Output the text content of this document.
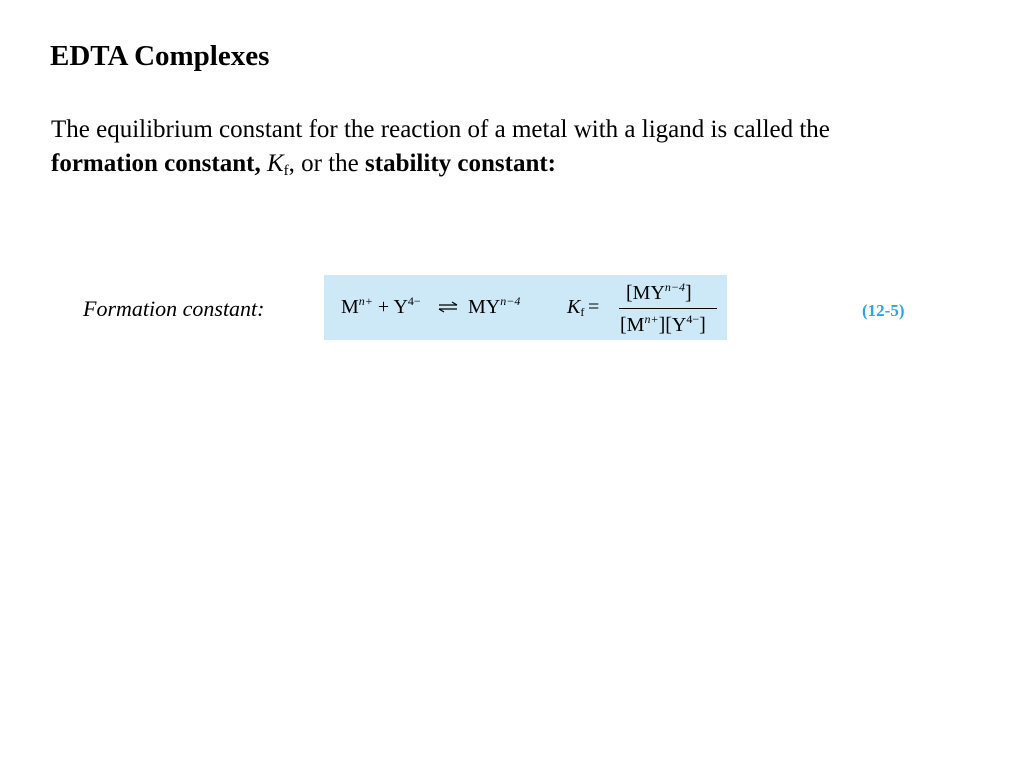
EDTA Complexes
The equilibrium constant for the reaction of a metal with a ligand is called the
formation constant, $K_f$, or the stability constant:
Formation constant:	$M^{n+} + Y^{4-}$ ⇌ $MY^{n-4}$ $K_f$ =
$[MY^{n-4}]$
$[M^{n+}][Y^{4-}]$
(12-5)
